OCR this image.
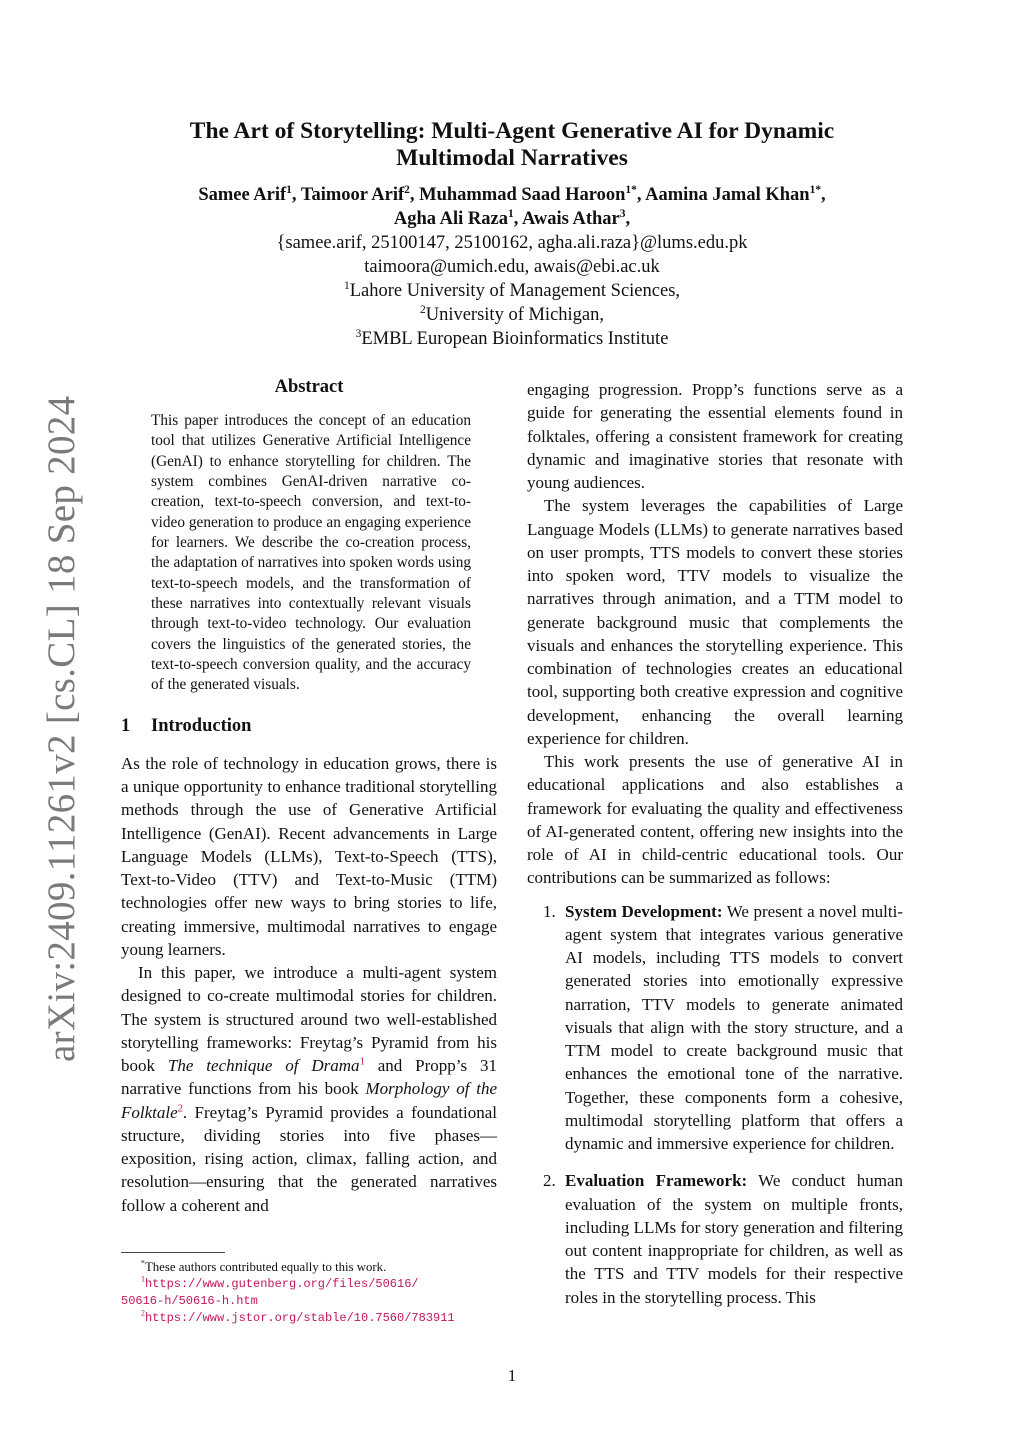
arXiv:2409.11261v2 [cs.CL] 18 Sep 2024
The Art of Storytelling: Multi-Agent Generative AI for Dynamic
Multimodal Narratives
Samee Arif$^1$, Taimoor Arif$^2$, Muhammad Saad Haroon$^{1*}$, Aamina Jamal Khan$^{1*}$,
Agha Ali Raza$^1$, Awais Athar$^3$,
{samee.arif, 25100147, 25100162, agha.ali.raza}@lums.edu.pk
taimoora@umich.edu, awais@ebi.ac.uk
$^1$Lahore University of Management Sciences,
$^2$University of Michigan,
$^3$EMBL European Bioinformatics Institute
Abstract

This paper introduces the concept of an education tool that utilizes Generative Artificial Intelligence (GenAI) to enhance storytelling for children. The system combines GenAI-driven narrative co-creation, text-to-speech conversion, and text-to-video generation to produce an engaging experience for learners. We describe the co-creation process, the adaptation of narratives into spoken words using text-to-speech models, and the transformation of these narratives into contextually relevant visuals through text-to-video technology. Our evaluation covers the linguistics of the generated stories, the text-to-speech conversion quality, and the accuracy of the generated visuals.

1 Introduction

As the role of technology in education grows, there is a unique opportunity to enhance traditional storytelling methods through the use of Generative Artificial Intelligence (GenAI). Recent advancements in Large Language Models (LLMs), Text-to-Speech (TTS), Text-to-Video (TTV) and Text-to-Music (TTM) technologies offer new ways to bring stories to life, creating immersive, multimodal narratives to engage young learners.

In this paper, we introduce a multi-agent system designed to co-create multimodal stories for children. The system is structured around two well-established storytelling frameworks: Freytag’s Pyramid from his book The technique of Drama$^1$ and Propp’s 31 narrative functions from his book Morphology of the Folktale$^2$. Freytag’s Pyramid provides a foundational structure, dividing stories into five phases—exposition, rising action, climax, falling action, and resolution—ensuring that the generated narratives follow a coherent and

engaging progression. Propp’s functions serve as a guide for generating the essential elements found in folktales, offering a consistent framework for creating dynamic and imaginative stories that resonate with young audiences.

The system leverages the capabilities of Large Language Models (LLMs) to generate narratives based on user prompts, TTS models to convert these stories into spoken word, TTV models to visualize the narratives through animation, and a TTM model to generate background music that complements the visuals and enhances the storytelling experience. This combination of technologies creates an educational tool, supporting both creative expression and cognitive development, enhancing the overall learning experience for children.

This work presents the use of generative AI in educational applications and also establishes a framework for evaluating the quality and effectiveness of AI-generated content, offering new insights into the role of AI in child-centric educational tools. Our contributions can be summarized as follows:

1. System Development: We present a novel multi-agent system that integrates various generative AI models, including TTS models to convert generated stories into emotionally expressive narration, TTV models to generate animated visuals that align with the story structure, and a TTM model to create background music that enhances the emotional tone of the narrative. Together, these components form a cohesive, multimodal storytelling platform that offers a dynamic and immersive experience for children.
2. Evaluation Framework: We conduct human evaluation of the system on multiple fronts, including LLMs for story generation and filtering out content inappropriate for children, as well as the TTS and TTV models for their respective roles in the storytelling process. This
*These authors contributed equally to this work.
$^1$https://www.gutenberg.org/files/50616/
50616-h/50616-h.htm
$^2$https://www.jstor.org/stable/10.7560/783911
1
